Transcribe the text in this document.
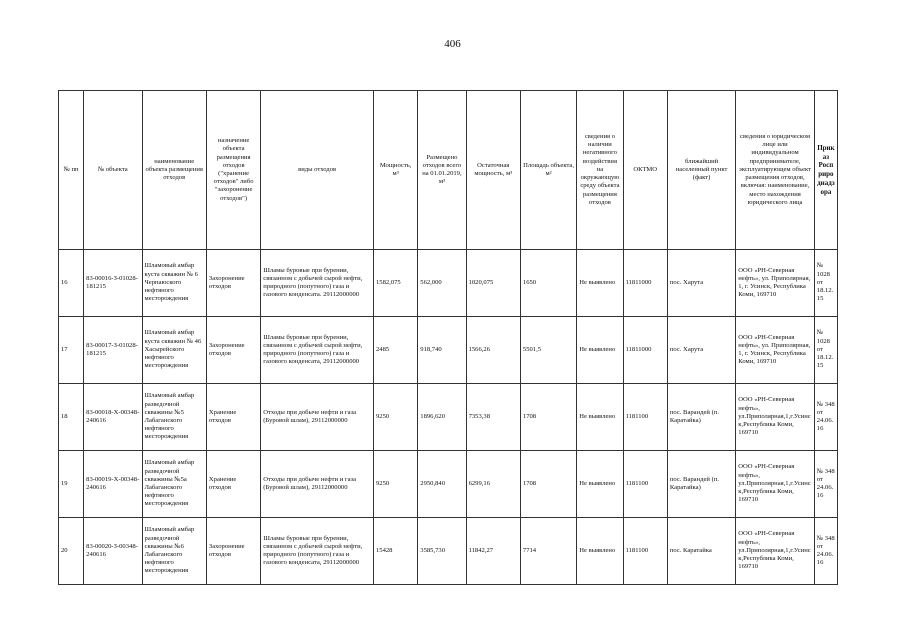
406
№ пп	№ объекта	наименование объекта размещения отходов	назначение объекта размещения отходов ("хранение отходов" либо "захоронение отходов")	виды отходов	Мощность, м³	Размещено отходов всего на 01.01.2019, м³	Остаточная мощность, м³	Площадь объекта, м²	сведения о наличии негативного воздействия на окружающую среду объекта размещения отходов	ОКТМО	ближайший населенный пункт (факт)	сведения о юридическом лице или индивидуальном предпринимателе, эксплуатирующем объект размещения отходов, включая: наименование, место нахождения юридического лица	Приказ Росприроднадзора
16	83-00016-З-01028-181215	Шламовый амбар куста скважин № 6 Черпаюского нефтяного месторождения	Захоронение отходов	Шламы буровые при бурении, связанном с добычей сырой нефти, природного (попутного) газа и газового конденсата. 29112000000	1582,075	562,000	1020,075	1650	Не выявлено	11811000	пос. Харута	ООО «РН-Северная нефть», ул. Приполярная, 1, г. Усинск, Республика Коми, 169710	№ 1028 от 18.12.15
17	83-00017-З-01028-181215	Шламовый амбар куста скважин № 46 Хасырейского нефтяного месторождения	Захоронение отходов	Шламы буровые при бурении, связанном с добычей сырой нефти, природного (попутного) газа и газового конденсата, 29112000000	2485	918,740	1566,26	5501,5	Не выявлено	11811000	пос. Харута	ООО «РН-Северная нефть», ул. Приполярная, 1, г. Усинск, Республика Коми, 169710	№ 1028 от 18.12.15
18	83-00018-Х-00348-240616	Шламовый амбар разведочной скважины №5 Лабаганского нефтяного месторождения	Хранение отходов	Отходы при добыче нефти и газа (Буровой шлам), 29112000000	9250	1896,620	7353,38	1708	Не выявлено	1181100	пос. Варандей (п. Каратайка)	ООО «РН-Северная нефть», ул.Приполярная,1,г.Усинск,Республика Коми, 169710	№ 348 от 24.06.16
19	83-00019-Х-00348-240616	Шламовый амбар разведочной скважины №5а Лабаганского нефтяного месторождения	Хранение отходов	Отходы при добыче нефти и газа (Буровой шлам), 29112000000	9250	2950,840	6299,16	1708	Не выявлено	1181100	пос. Варандей (п. Каратайка)	ООО «РН-Северная нефть», ул.Приполярная,1,г.Усинск,Республика Коми, 169710	№ 348 от 24.06.16
20	83-00020-З-00348-240616	Шламовый амбар разведочной скважины №6 Лабаганского нефтяного месторождения	Захоронение отходов	Шламы буровые при бурении, связанном с добычей сырой нефти, природного (попутного) газа и газового конденсата, 29112000000	15428	3585,730	11842,27	7714	Не выявлено	1181100	пос. Каратайка	ООО «РН-Северная нефть», ул.Приполярная,1,г.Усинск,Республика Коми, 169710	№ 348 от 24.06.16
